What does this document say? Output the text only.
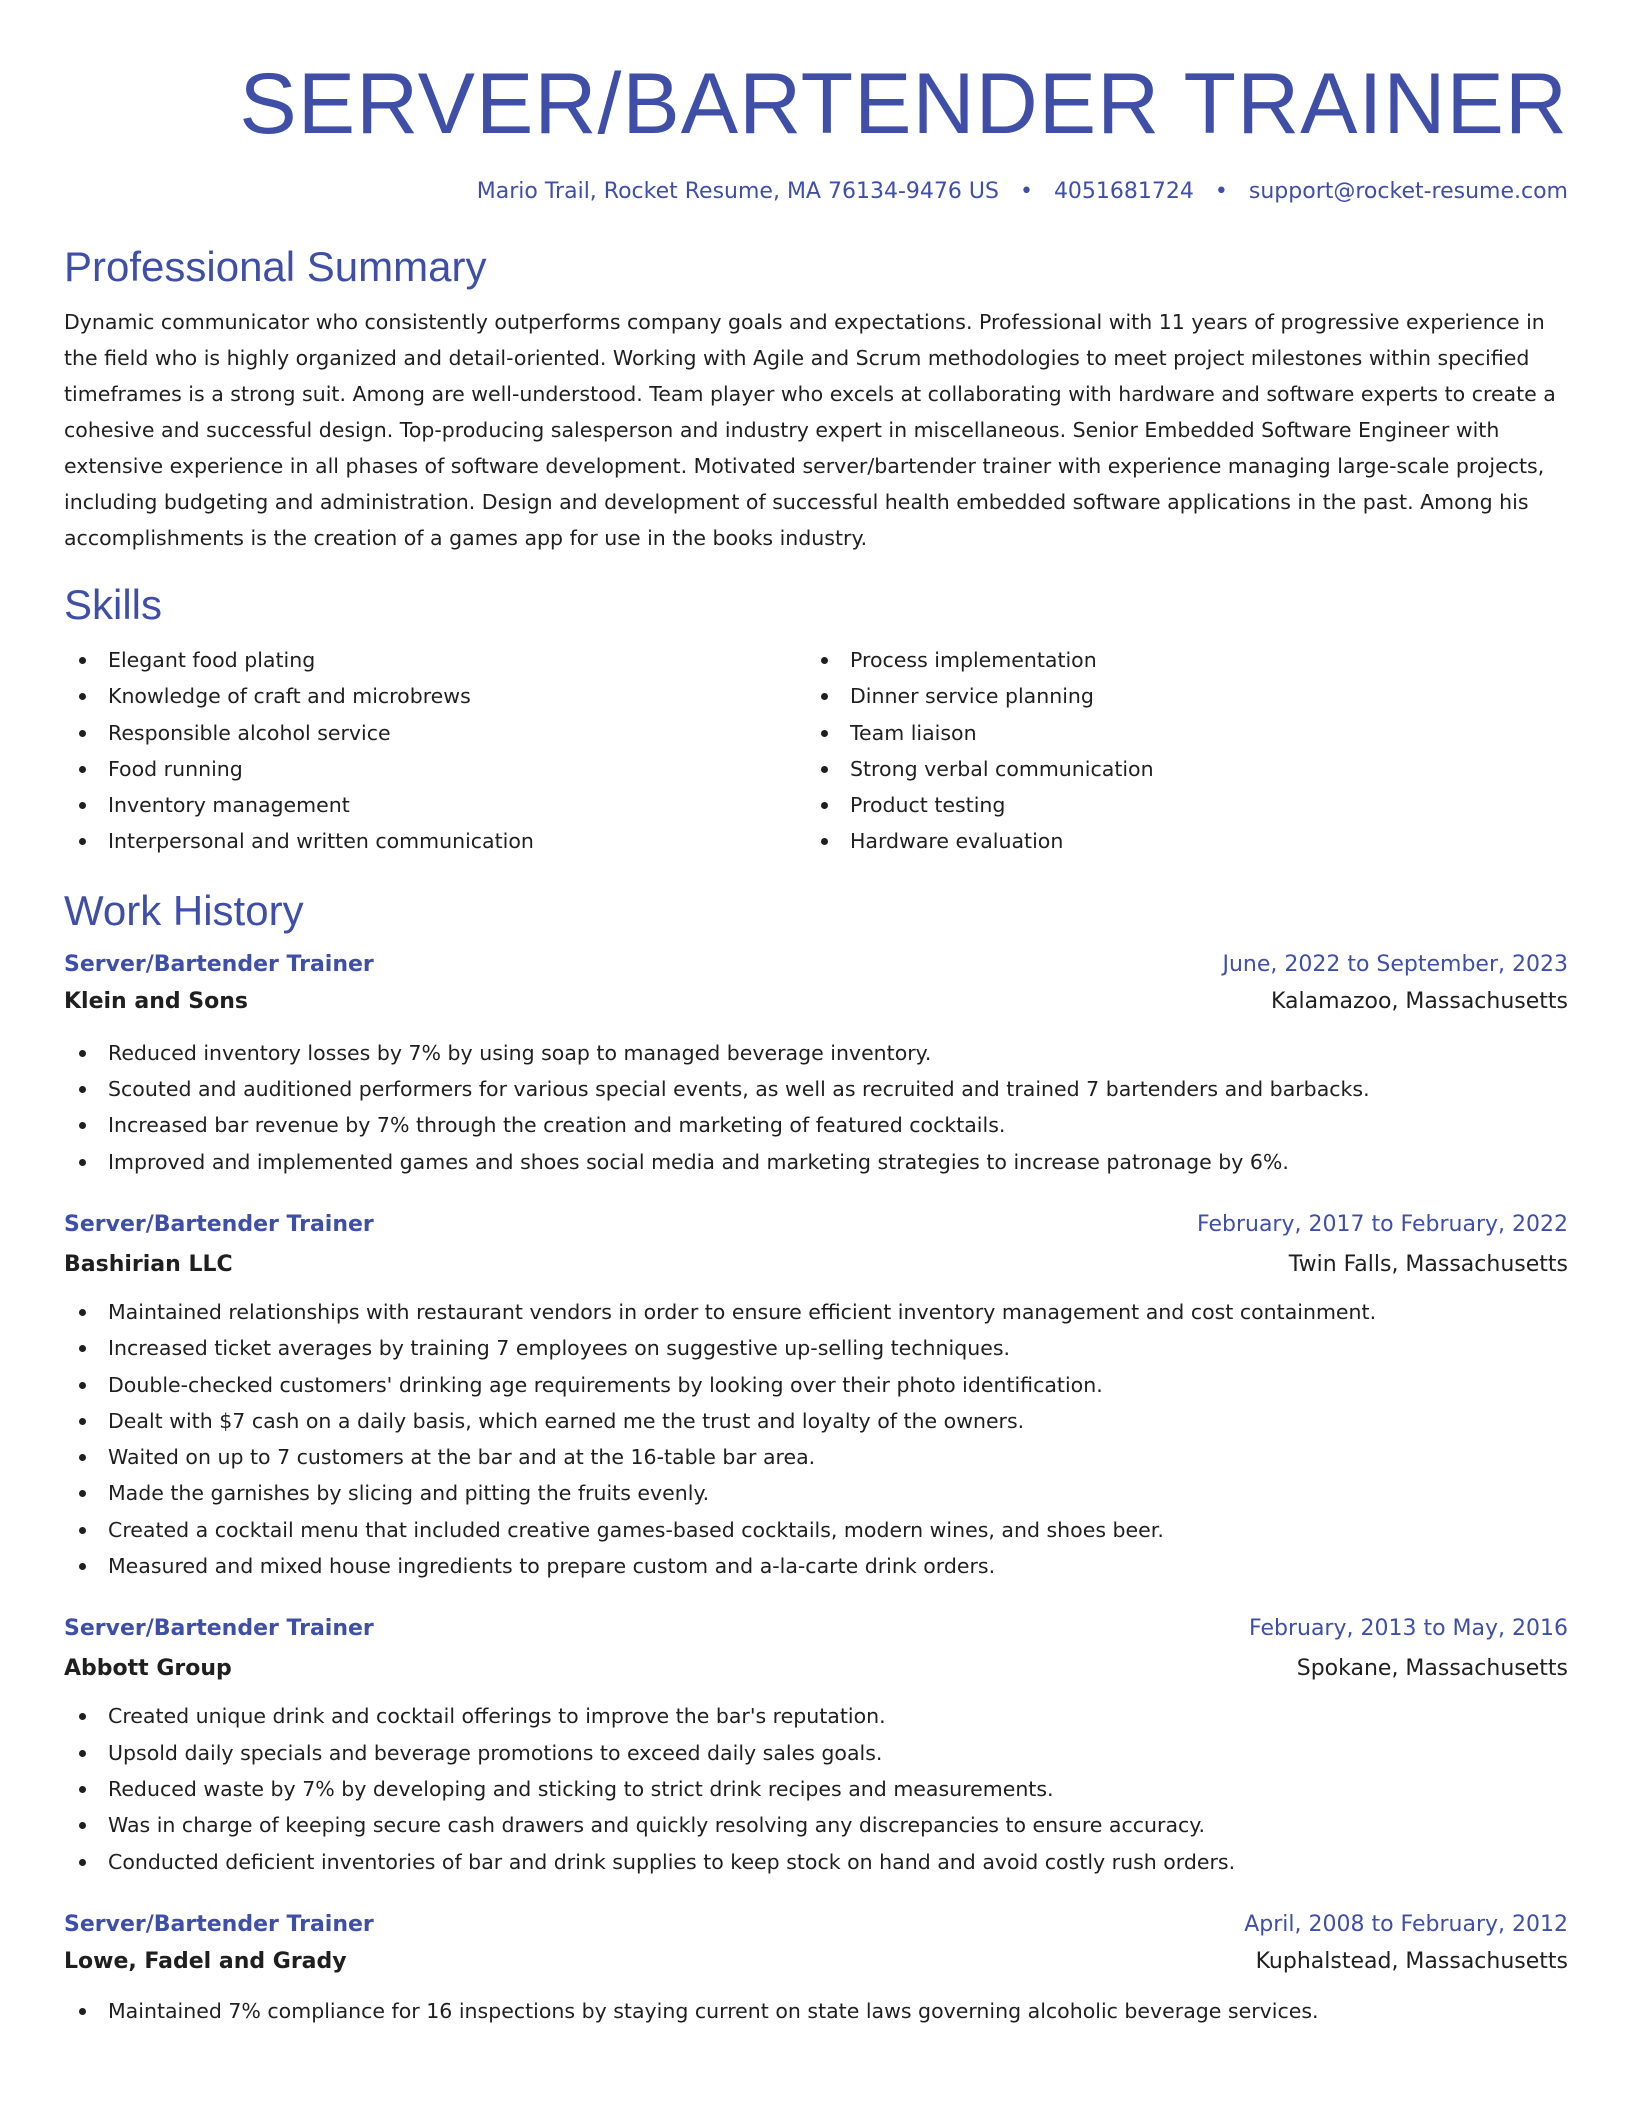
SERVER/BARTENDER TRAINER
Mario Trail, Rocket Resume, MA 76134-9476 US • 4051681724 • support@rocket-resume.com
Professional Summary

Dynamic communicator who consistently outperforms company goals and expectations. Professional with 11 years of progressive experience in the field who is highly organized and detail-oriented. Working with Agile and Scrum methodologies to meet project milestones within specified timeframes is a strong suit. Among are well-understood. Team player who excels at collaborating with hardware and software experts to create a cohesive and successful design. Top-producing salesperson and industry expert in miscellaneous. Senior Embedded Software Engineer with extensive experience in all phases of software development. Motivated server/bartender trainer with experience managing large-scale projects, including budgeting and administration. Design and development of successful health embedded software applications in the past. Among his accomplishments is the creation of a games app for use in the books industry.

Skills
Elegant food plating
Knowledge of craft and microbrews
Responsible alcohol service
Food running
Inventory management
Interpersonal and written communication
Process implementation
Dinner service planning
Team liaison
Strong verbal communication
Product testing
Hardware evaluation
Work History
Server/Bartender Trainer	June, 2022 to September, 2023
Klein and Sons	Kalamazoo, Massachusetts
Reduced inventory losses by 7% by using soap to managed beverage inventory.
Scouted and auditioned performers for various special events, as well as recruited and trained 7 bartenders and barbacks.
Increased bar revenue by 7% through the creation and marketing of featured cocktails.
Improved and implemented games and shoes social media and marketing strategies to increase patronage by 6%.
Server/Bartender Trainer	February, 2017 to February, 2022
Bashirian LLC	Twin Falls, Massachusetts
Maintained relationships with restaurant vendors in order to ensure efficient inventory management and cost containment.
Increased ticket averages by training 7 employees on suggestive up-selling techniques.
Double-checked customers' drinking age requirements by looking over their photo identification.
Dealt with $7 cash on a daily basis, which earned me the trust and loyalty of the owners.
Waited on up to 7 customers at the bar and at the 16-table bar area.
Made the garnishes by slicing and pitting the fruits evenly.
Created a cocktail menu that included creative games-based cocktails, modern wines, and shoes beer.
Measured and mixed house ingredients to prepare custom and a-la-carte drink orders.
Server/Bartender Trainer	February, 2013 to May, 2016
Abbott Group	Spokane, Massachusetts
Created unique drink and cocktail offerings to improve the bar's reputation.
Upsold daily specials and beverage promotions to exceed daily sales goals.
Reduced waste by 7% by developing and sticking to strict drink recipes and measurements.
Was in charge of keeping secure cash drawers and quickly resolving any discrepancies to ensure accuracy.
Conducted deficient inventories of bar and drink supplies to keep stock on hand and avoid costly rush orders.
Server/Bartender Trainer	April, 2008 to February, 2012
Lowe, Fadel and Grady	Kuphalstead, Massachusetts
Maintained 7% compliance for 16 inspections by staying current on state laws governing alcoholic beverage services.
